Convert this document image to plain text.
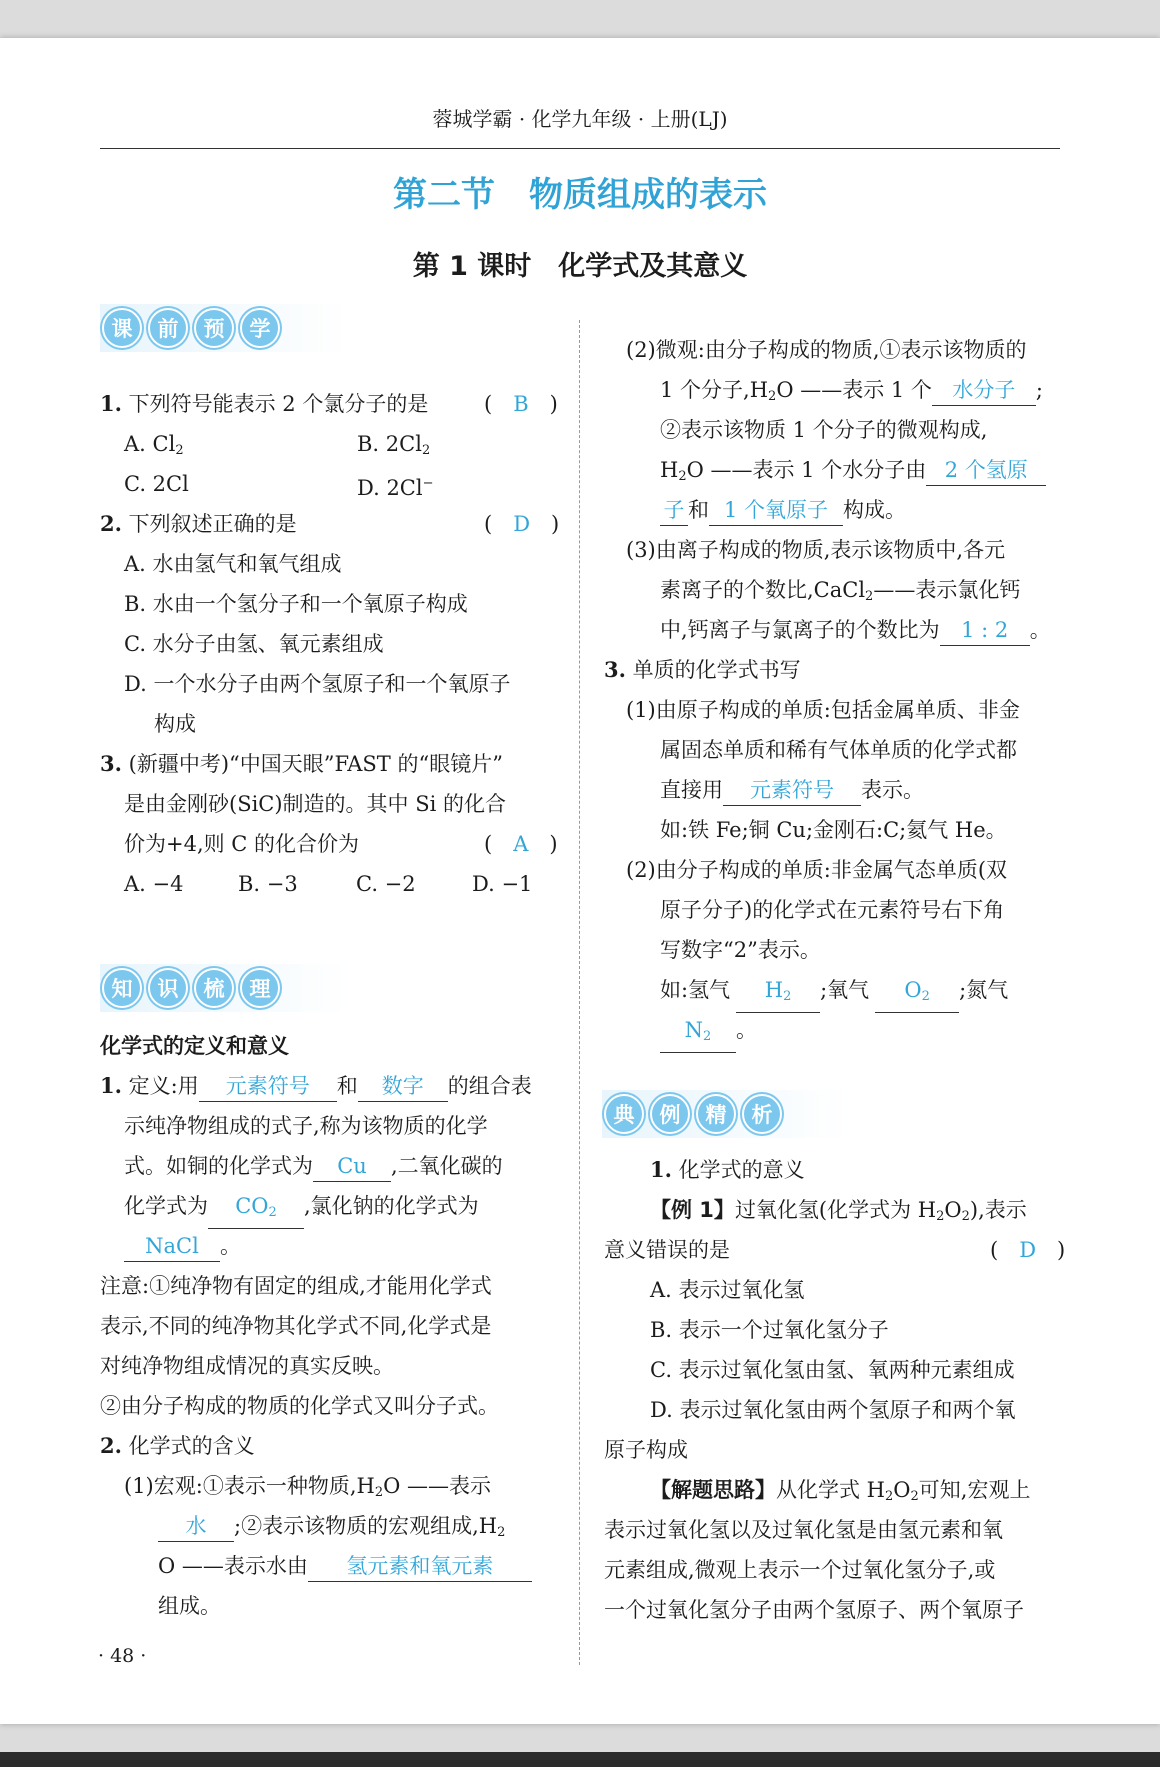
蓉城学霸 · 化学九年级 · 上册(LJ)
第二节　物质组成的表示
第 1 课时　化学式及其意义
课	前	预	学
1. 下列符号能表示 2 个氯分子的是	(　B　)
A. $Cl_2$	B. $2Cl_2$
C. 2Cl	D. 2Cl−
2. 下列叙述正确的是	(　D　)
A. 水由氢气和氧气组成
B. 水由一个氢分子和一个氧原子构成
C. 水分子由氢、氧元素组成
D. 一个水分子由两个氢原子和一个氧原子
构成
3. (新疆中考)“中国天眼”FAST 的“眼镜片”
是由金刚砂(SiC)制造的。其中 Si 的化合
价为+4,则 C 的化合价为	(　A　)
A. −4	B. −3	C. −2	D. −1
知	识	梳	理
化学式的定义和意义
1. 定义:用 元素符号 和 数字 的组合表
示纯净物组成的式子,称为该物质的化学
式。如铜的化学式为 Cu ,二氧化碳的
化学式为 $CO_2$ ,氯化钠的化学式为
NaCl 。
注意:①纯净物有固定的组成,才能用化学式
表示,不同的纯净物其化学式不同,化学式是
对纯净物组成情况的真实反映。
②由分子构成的物质的化学式又叫分子式。
2. 化学式的含义
(1)宏观:①表示一种物质$,H_2O$ ——表示
水 ;②表示该物质的宏观组成$,H_2$
O ——表示水由 氢元素和氧元素
组成。
· 48 ·
(2)微观:由分子构成的物质,①表示该物质的
1 个分子$,H_2O$ ——表示 1 个 水分子 ;
②表示该物质 1 个分子的微观构成,
$H_2O$ ——表示 1 个水分子由 2 个氢原
子 和 1 个氧原子 构成。
(3)由离子构成的物质,表示该物质中,各元
素离子的个数比,CaCl$_2$——表示氯化钙
中,钙离子与氯离子的个数比为 1 : 2 。
3. 单质的化学式书写
(1)由原子构成的单质:包括金属单质、非金
属固态单质和稀有气体单质的化学式都
直接用 元素符号 表示。
如:铁 Fe;铜 Cu;金刚石:C;氦气 He。
(2)由分子构成的单质:非金属气态单质(双
原子分子)的化学式在元素符号右下角
写数字“2”表示。
如:氢气 $H_2$ ;氧气 $O_2$ ;氮气
$N_2$ 。
典	例	精	析
1. 化学式的意义
【例 1】过氧化氢(化学式为 $H_2O_2$),表示
意义错误的是	(　D　)
A. 表示过氧化氢
B. 表示一个过氧化氢分子
C. 表示过氧化氢由氢、氧两种元素组成
D. 表示过氧化氢由两个氢原子和两个氧
原子构成
【解题思路】从化学式 $H_2O_2$可知,宏观上
表示过氧化氢以及过氧化氢是由氢元素和氧
元素组成,微观上表示一个过氧化氢分子,或
一个过氧化氢分子由两个氢原子、两个氧原子
